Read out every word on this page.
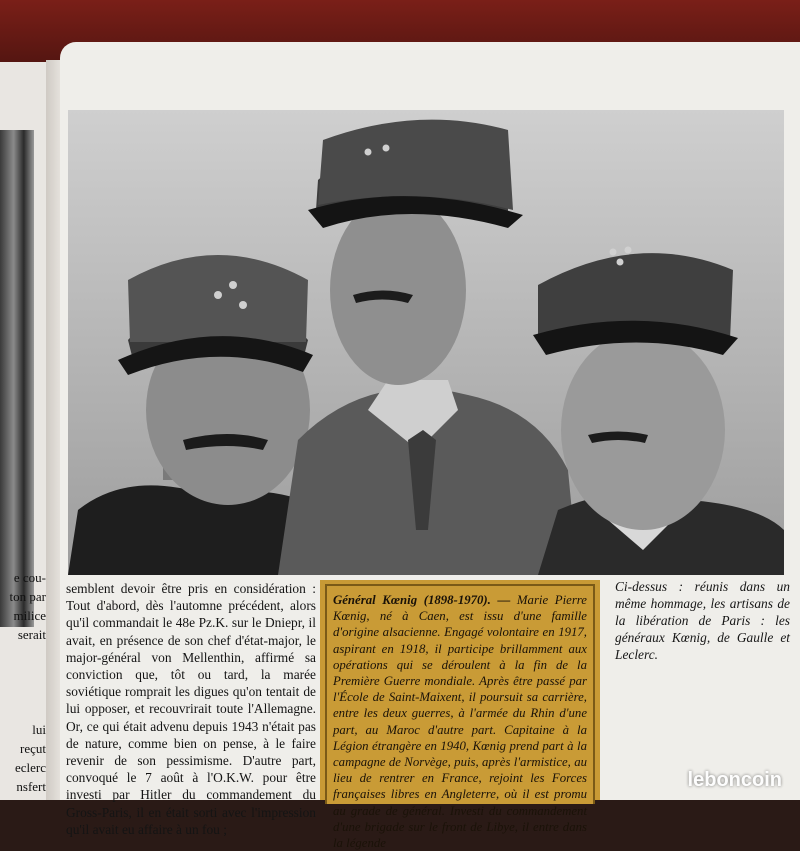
e cou-
ton par
milice
serait
lui
reçut
eclerc
nsfert

semblent devoir être pris en considération : Tout d'abord, dès l'automne précédent, alors qu'il commandait le 48e Pz.K. sur le Dniepr, il avait, en présence de son chef d'état-major, le major-général von Mellenthin, affirmé sa conviction que, tôt ou tard, la marée soviétique romprait les digues qu'on tentait de lui opposer, et recouvrirait toute l'Allemagne. Or, ce qui était advenu depuis 1943 n'était pas de nature, comme bien on pense, à le faire revenir de son pessimisme. D'autre part, convoqué le 7 août à l'O.K.W. pour être investi par Hitler du commandement du Gross-Paris, il en était sorti avec l'impression qu'il avait eu affaire à un fou ;

Général Kœnig (1898-1970). — Marie Pierre Kœnig, né à Caen, est issu d'une famille d'origine alsacienne. Engagé volontaire en 1917, aspirant en 1918, il participe brillamment aux opérations qui se déroulent à la fin de la Première Guerre mondiale. Après être passé par l'École de Saint-Maixent, il poursuit sa carrière, entre les deux guerres, à l'armée du Rhin d'une part, au Maroc d'autre part. Capitaine à la Légion étrangère en 1940, Kœnig prend part à la campagne de Norvège, puis, après l'armistice, au lieu de rentrer en France, rejoint les Forces françaises libres en Angleterre, où il est promu au grade de général. Investi du commandement d'une brigade sur le front de Libye, il entre dans la légende
Ci-dessus : réunis dans un même hommage, les artisans de la libération de Paris : les généraux Kœnig, de Gaulle et Leclerc.
leboncoin
